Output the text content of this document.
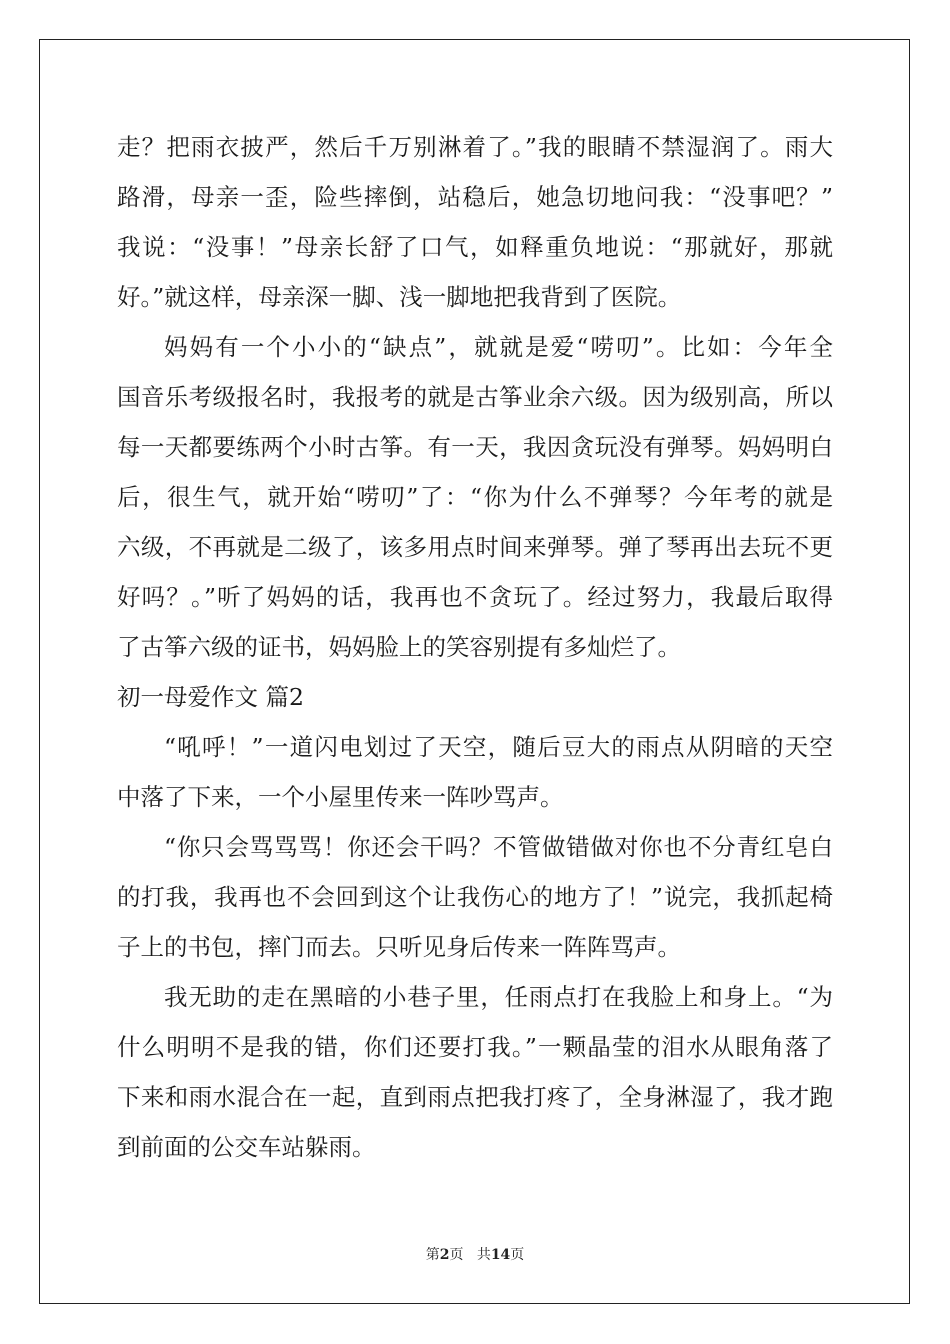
走？把雨衣披严，然后千万别淋着了。”我的眼睛不禁湿润了。雨大
路滑，母亲一歪，险些摔倒，站稳后，她急切地问我：“没事吧？”
我说：“没事！”母亲长舒了口气，如释重负地说：“那就好，那就
好。”就这样，母亲深一脚、浅一脚地把我背到了医院。
妈妈有一个小小的“缺点”，就就是爱“唠叨”。比如：今年全
国音乐考级报名时，我报考的就是古筝业余六级。因为级别高，所以
每一天都要练两个小时古筝。有一天，我因贪玩没有弹琴。妈妈明白
后，很生气，就开始“唠叨”了：“你为什么不弹琴？今年考的就是
六级，不再就是二级了，该多用点时间来弹琴。弹了琴再出去玩不更
好吗？。”听了妈妈的话，我再也不贪玩了。经过努力，我最后取得
了古筝六级的证书，妈妈脸上的笑容别提有多灿烂了。
初一母爱作文 篇2
“吼呼！”一道闪电划过了天空，随后豆大的雨点从阴暗的天空
中落了下来，一个小屋里传来一阵吵骂声。
“你只会骂骂骂！你还会干吗？不管做错做对你也不分青红皂白
的打我，我再也不会回到这个让我伤心的地方了！”说完，我抓起椅
子上的书包，摔门而去。只听见身后传来一阵阵骂声。
我无助的走在黑暗的小巷子里，任雨点打在我脸上和身上。“为
什么明明不是我的错，你们还要打我。”一颗晶莹的泪水从眼角落了
下来和雨水混合在一起，直到雨点把我打疼了，全身淋湿了，我才跑
到前面的公交车站躲雨。
第2页 共14页
